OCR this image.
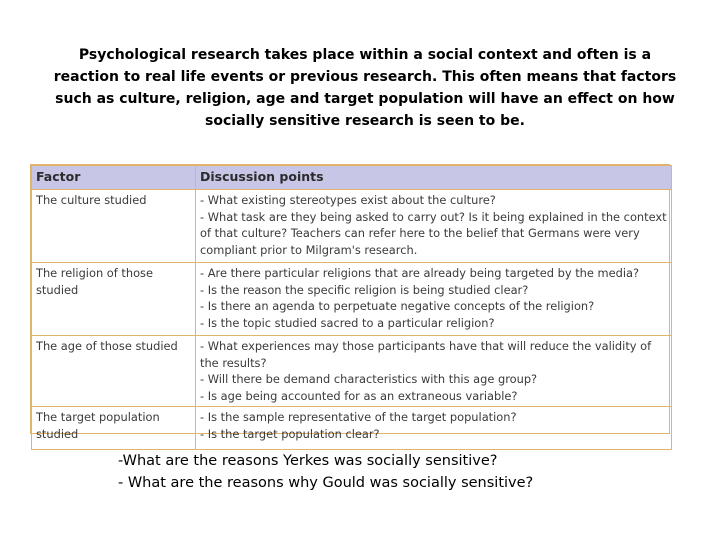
Psychological research takes place within a social context and often is a reaction to real life events or previous research. This often means that factors such as culture, religion, age and target population will have an effect on how socially sensitive research is seen to be.
Factor	Discussion points
The culture studied	- What existing stereotypes exist about the culture?
- What task are they being asked to carry out? Is it being explained in the context of that culture? Teachers can refer here to the belief that Germans were very compliant prior to Milgram's research.
The religion of those studied	- Are there particular religions that are already being targeted by the media?
- Is the reason the specific religion is being studied clear?
- Is there an agenda to perpetuate negative concepts of the religion?
- Is the topic studied sacred to a particular religion?
The age of those studied	- What experiences may those participants have that will reduce the validity of the results?
- Will there be demand characteristics with this age group?
- Is age being accounted for as an extraneous variable?
The target population studied	- Is the sample representative of the target population?
- Is the target population clear?
-What are the reasons Yerkes was socially sensitive?
- What are the reasons why Gould was socially sensitive?
